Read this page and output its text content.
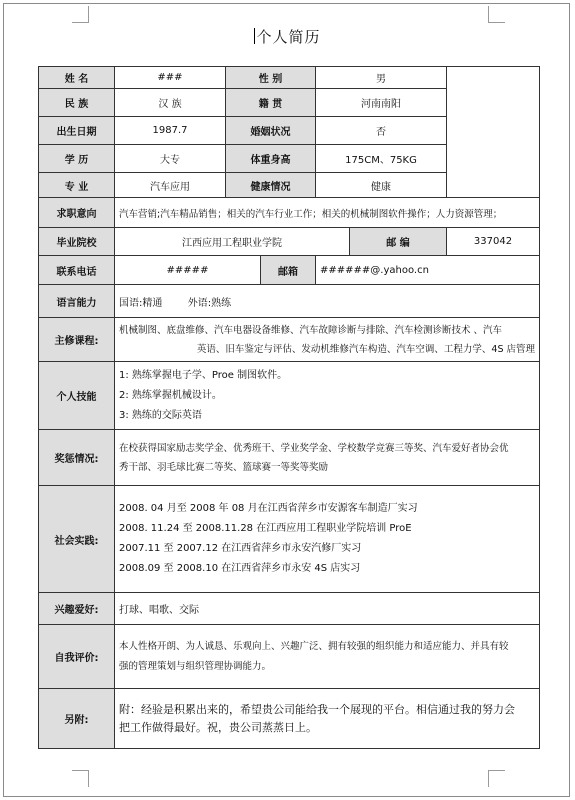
个人简历
姓 名	###	性 别		男		
民 族	汉 族	籍 贯		河南南阳		
出生日期	1987.7	婚姻状况		否		
学 历	大专	体重身高		175CM、75KG		
专 业	汽车应用	健康情况		健康		
求职意向	汽车营销;汽车精品销售；相关的汽车行业工作；相关的机械制图软件操作；人力资源管理；					
毕业院校	江西应用工程职业学院				邮 编	337042
联系电话	#####		邮箱	######@.yahoo.cn		
语言能力	国语:精通        外语:熟练					
主修课程:	机械制图、底盘维修、汽车电器设备维修、汽车故障诊断与排除、汽车检测诊断技术 、汽车
英语、旧车鉴定与评估、发动机维修汽车构造、汽车空调、工程力学、4S 店管理					

个人技能	1: 熟练掌握电子学、Proe 制图软件。
2: 熟练掌握机械设计。
3: 熟练的交际英语					

奖惩情况:	在校获得国家励志奖学金、优秀班干、学业奖学金、学校数学竞赛三等奖、汽车爱好者协会优
秀干部、羽毛球比赛二等奖、篮球赛一等奖等奖励					

社会实践:	2008. 04 月至 2008 年 08 月在江西省萍乡市安源客车制造厂实习
2008. 11.24 至 2008.11.28 在江西应用工程职业学院培训 ProE
2007.11 至 2007.12 在江西省萍乡市永安汽修厂实习
2008.09 至 2008.10 在江西省萍乡市永安 4S 店实习					

兴趣爱好:	打球、唱歌、交际					
自我评价:	本人性格开朗、为人诚恳、乐观向上、兴趣广泛、拥有较强的组织能力和适应能力、并具有较
强的管理策划与组织管理协调能力。					

另附:	附：经验是积累出来的，希望贵公司能给我一个展现的平台。相信通过我的努力会
把工作做得最好。祝，贵公司蒸蒸日上。					
